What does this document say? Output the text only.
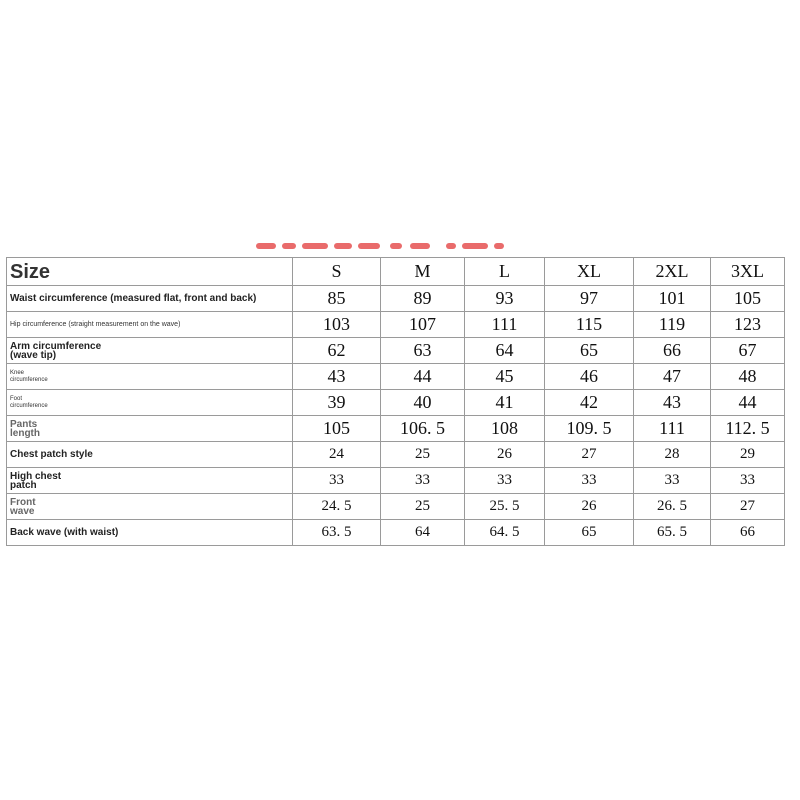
Size	S	M	L	XL	2XL	3XL
Waist circumference (measured flat, front and back)	85	89	93	97	101	105
Hip circumference (straight measurement on the wave)	103	107	111	115	119	123

Arm circumference (wave tip)	62	63	64	65	66	67

Knee circumference	43	44	45	46	47	48

Foot circumference	39	40	41	42	43	44

Pants length	105	106. 5	108	109. 5	111	112. 5
Chest patch style	24	25	26	27	28	29

High chest patch	33	33	33	33	33	33

Front wave	24. 5	25	25. 5	26	26. 5	27
Back wave (with waist)	63. 5	64	64. 5	65	65. 5	66
